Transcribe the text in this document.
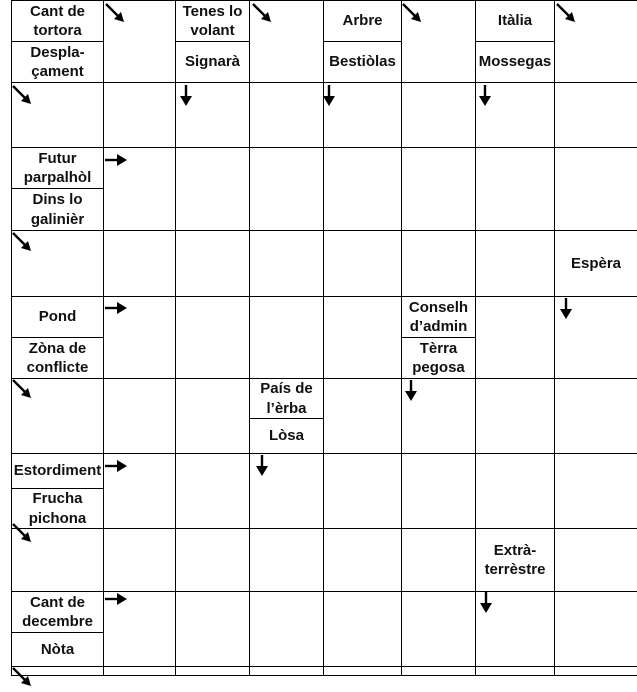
Cant de tortora
Despla-çament
Tenes lo volant
Signarà
Arbre
Bestiòlas
Itàlia
Mossegas
Futur parpalhòl
Dins lo galinièr
Espèra
Pond
Zòna de conflicte
Conselh d’admin
Tèrra pegosa
País de l’èrba
Lòsa
Estordiment
Frucha pichona
Extrà-terrèstre
Cant de decembre
Nòta
